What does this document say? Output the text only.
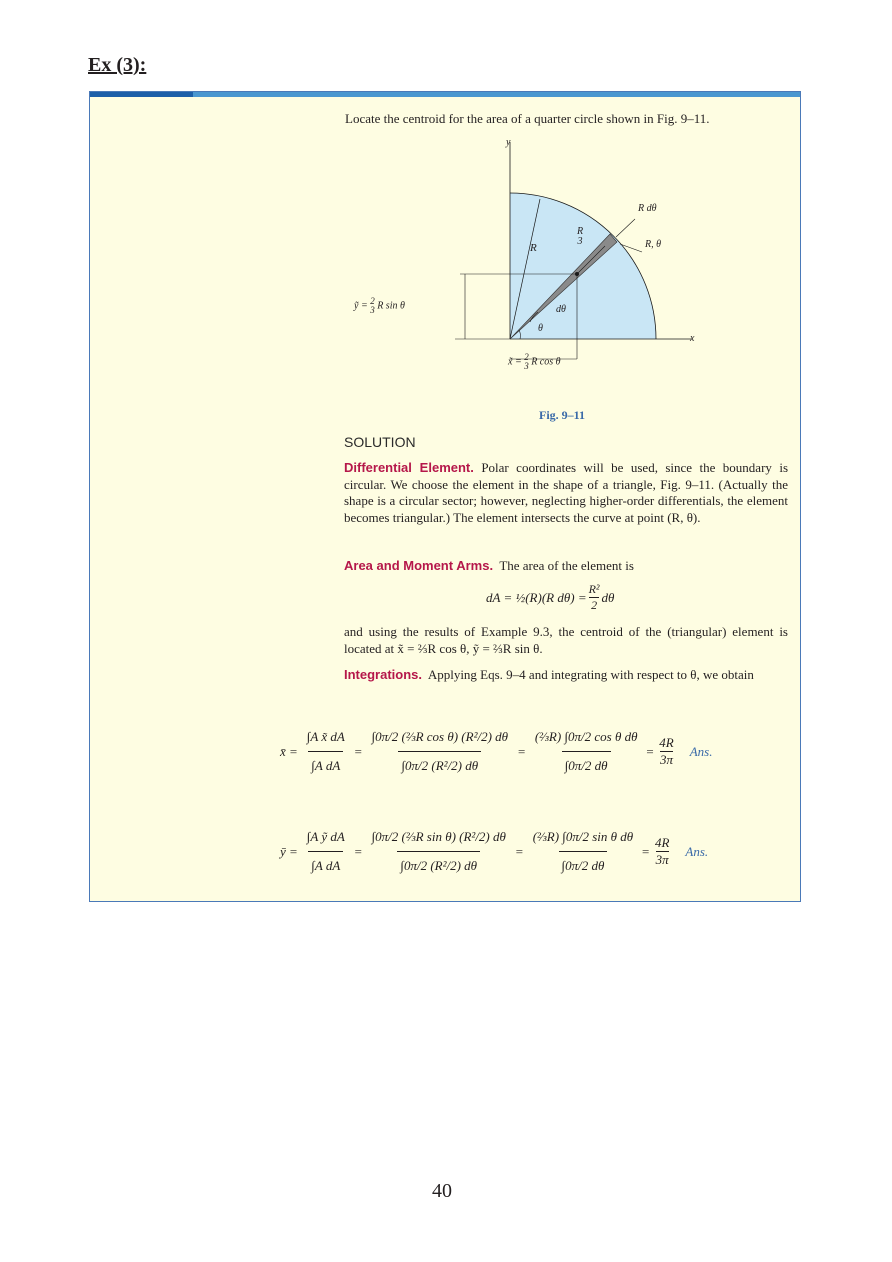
Ex (3):
Locate the centroid for the area of a quarter circle shown in Fig. 9–11.
y
x
R
R
3
R dθ
R, θ
dθ
θ
ỹ = 2
3 R sin θ
x̃ = 2
3 R cos θ
Fig. 9–11
SOLUTION
Differential Element. Polar coordinates will be used, since the boundary is circular. We choose the element in the shape of a triangle, Fig. 9–11. (Actually the shape is a circular sector; however, neglecting higher-order differentials, the element becomes triangular.) The element intersects the curve at point (R, θ).
Area and Moment Arms. The area of the element is
dA = ½(R)(R $d\theta) = \frac{\text{R²}}{2}$ dθ
and using the results of Example 9.3, the centroid of the (triangular) element is located at x̃ = ⅔R cos θ, ỹ = ⅔R sin θ.
Integrations. Applying Eqs. 9–4 and integrating with respect to θ, we obtain
x̄ = $\frac{\text{∫A x̃ dA}}{\text{∫A dA}} = \frac{\text{∫0π/2 (⅔R cos θ) (R²/2) dθ}}{\text{∫0π/2 (R²/2) dθ}} = \frac{\text{(⅔R) ∫0π/2 cos θ dθ}}{\int 0\pi/2 d\theta} = \frac{4R}{3\pi}$ Ans.
ȳ = $\frac{\text{∫A ỹ dA}}{\text{∫A dA}} = \frac{\text{∫0π/2 (⅔R sin θ) (R²/2) dθ}}{\text{∫0π/2 (R²/2) dθ}} = \frac{\text{(⅔R) ∫0π/2 sin θ dθ}}{\int 0\pi/2 d\theta} = \frac{4R}{3\pi}$ Ans.
40
